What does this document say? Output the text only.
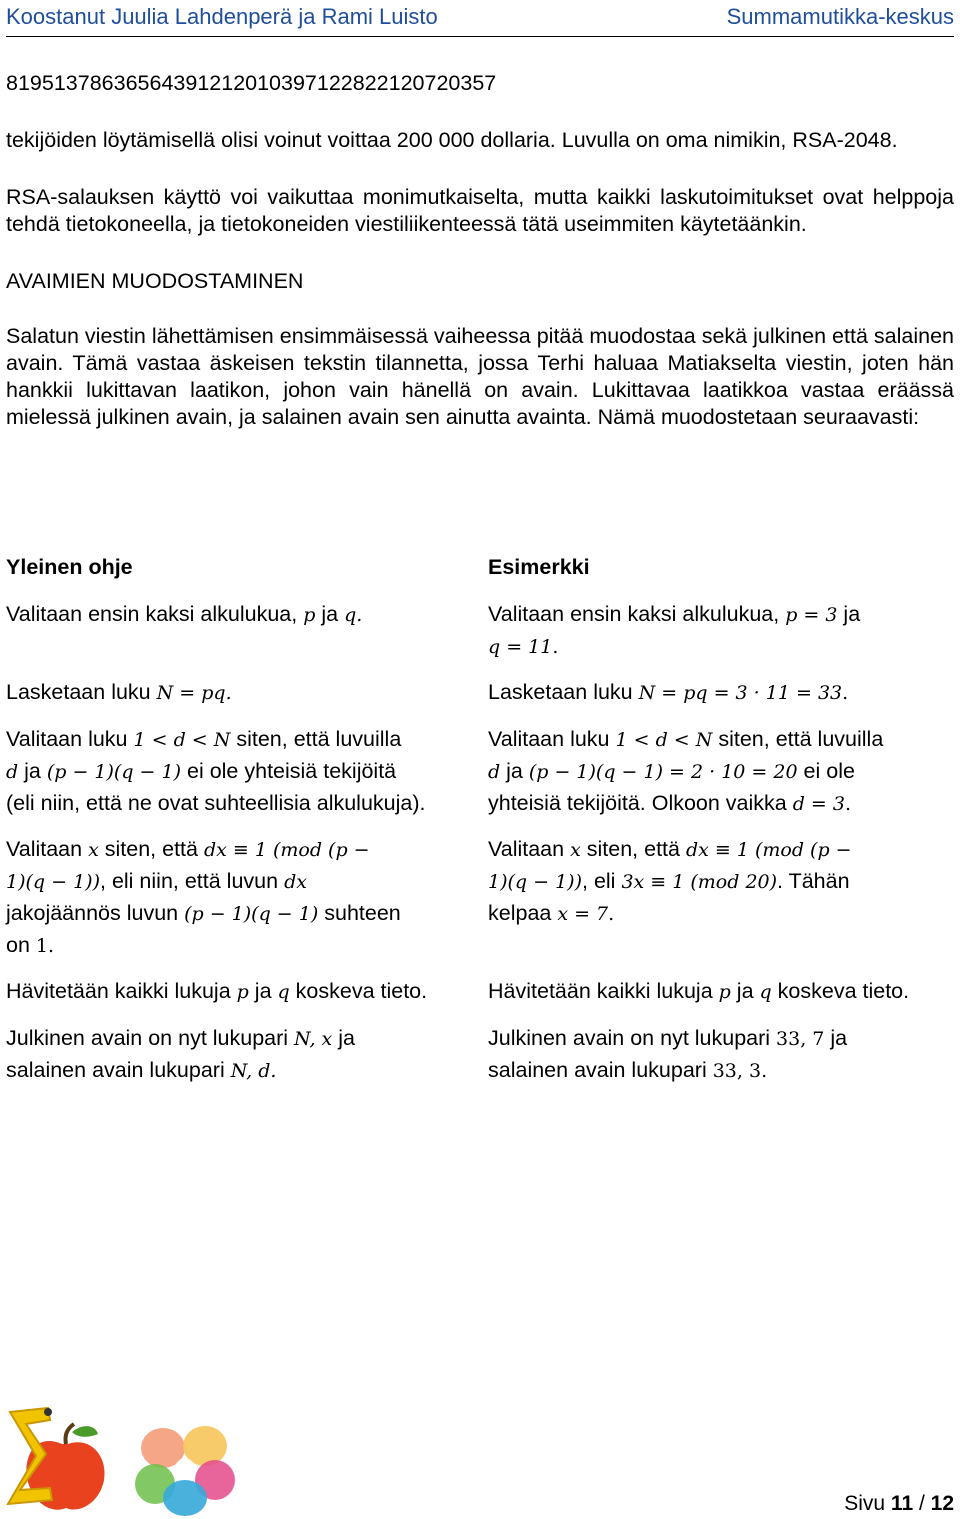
Koostanut Juulia Lahdenperä ja Rami Luisto	Summamutikka-keskus

819513786365643912120103971228221207203​57

tekijöiden löytämisellä olisi voinut voittaa 200 000 dollaria. Luvulla on oma nimikin, RSA-2048.

RSA-salauksen käyttö voi vaikuttaa monimutkaiselta, mutta kaikki laskutoimitukset ovat helppoja tehdä tietokoneella, ja tietokoneiden viestiliikenteessä tätä useimmiten käytetäänkin.

AVAIMIEN MUODOSTAMINEN

Salatun viestin lähettämisen ensimmäisessä vaiheessa pitää muodostaa sekä julkinen että salainen avain. Tämä vastaa äskeisen tekstin tilannetta, jossa Terhi haluaa Matiakselta viestin, joten hän hankkii lukittavan laatikon, johon vain hänellä on avain. Lukittavaa laatikkoa vastaa eräässä mielessä julkinen avain, ja salainen avain sen ainutta avainta. Nämä muodostetaan seuraavasti:

Yleinen ohje
Valitaan ensin kaksi alkulukua, p ja q.
Lasketaan luku N = pq.
Valitaan luku 1 < d < N siten, että luvuilla
d ja (p − 1)(q − 1) ei ole yhteisiä tekijöitä
(eli niin, että ne ovat suhteellisia alkulukuja).
Valitaan x siten, että dx ≡ 1 (mod (p −
1)(q − 1)), eli niin, että luvun dx
jakojäännös luvun (p − 1)(q − 1) suhteen
on 1.
Hävitetään kaikki lukuja p ja q koskeva tieto.
Julkinen avain on nyt lukupari N, x ja
salainen avain lukupari N, d.
Esimerkki
Valitaan ensin kaksi alkulukua, p = 3 ja
q = 11.
Lasketaan luku N = pq = 3 · 11 = 33.
Valitaan luku 1 < d < N siten, että luvuilla
d ja (p − 1)(q − 1) = 2 · 10 = 20 ei ole
yhteisiä tekijöitä. Olkoon vaikka d = 3.
Valitaan x siten, että dx ≡ 1 (mod (p −
1)(q − 1)), eli 3x ≡ 1 (mod 20). Tähän
kelpaa x = 7.
Hävitetään kaikki lukuja p ja q koskeva tieto.
Julkinen avain on nyt lukupari 33, 7 ja
salainen avain lukupari 33, 3.
Sivu 11 / 12
